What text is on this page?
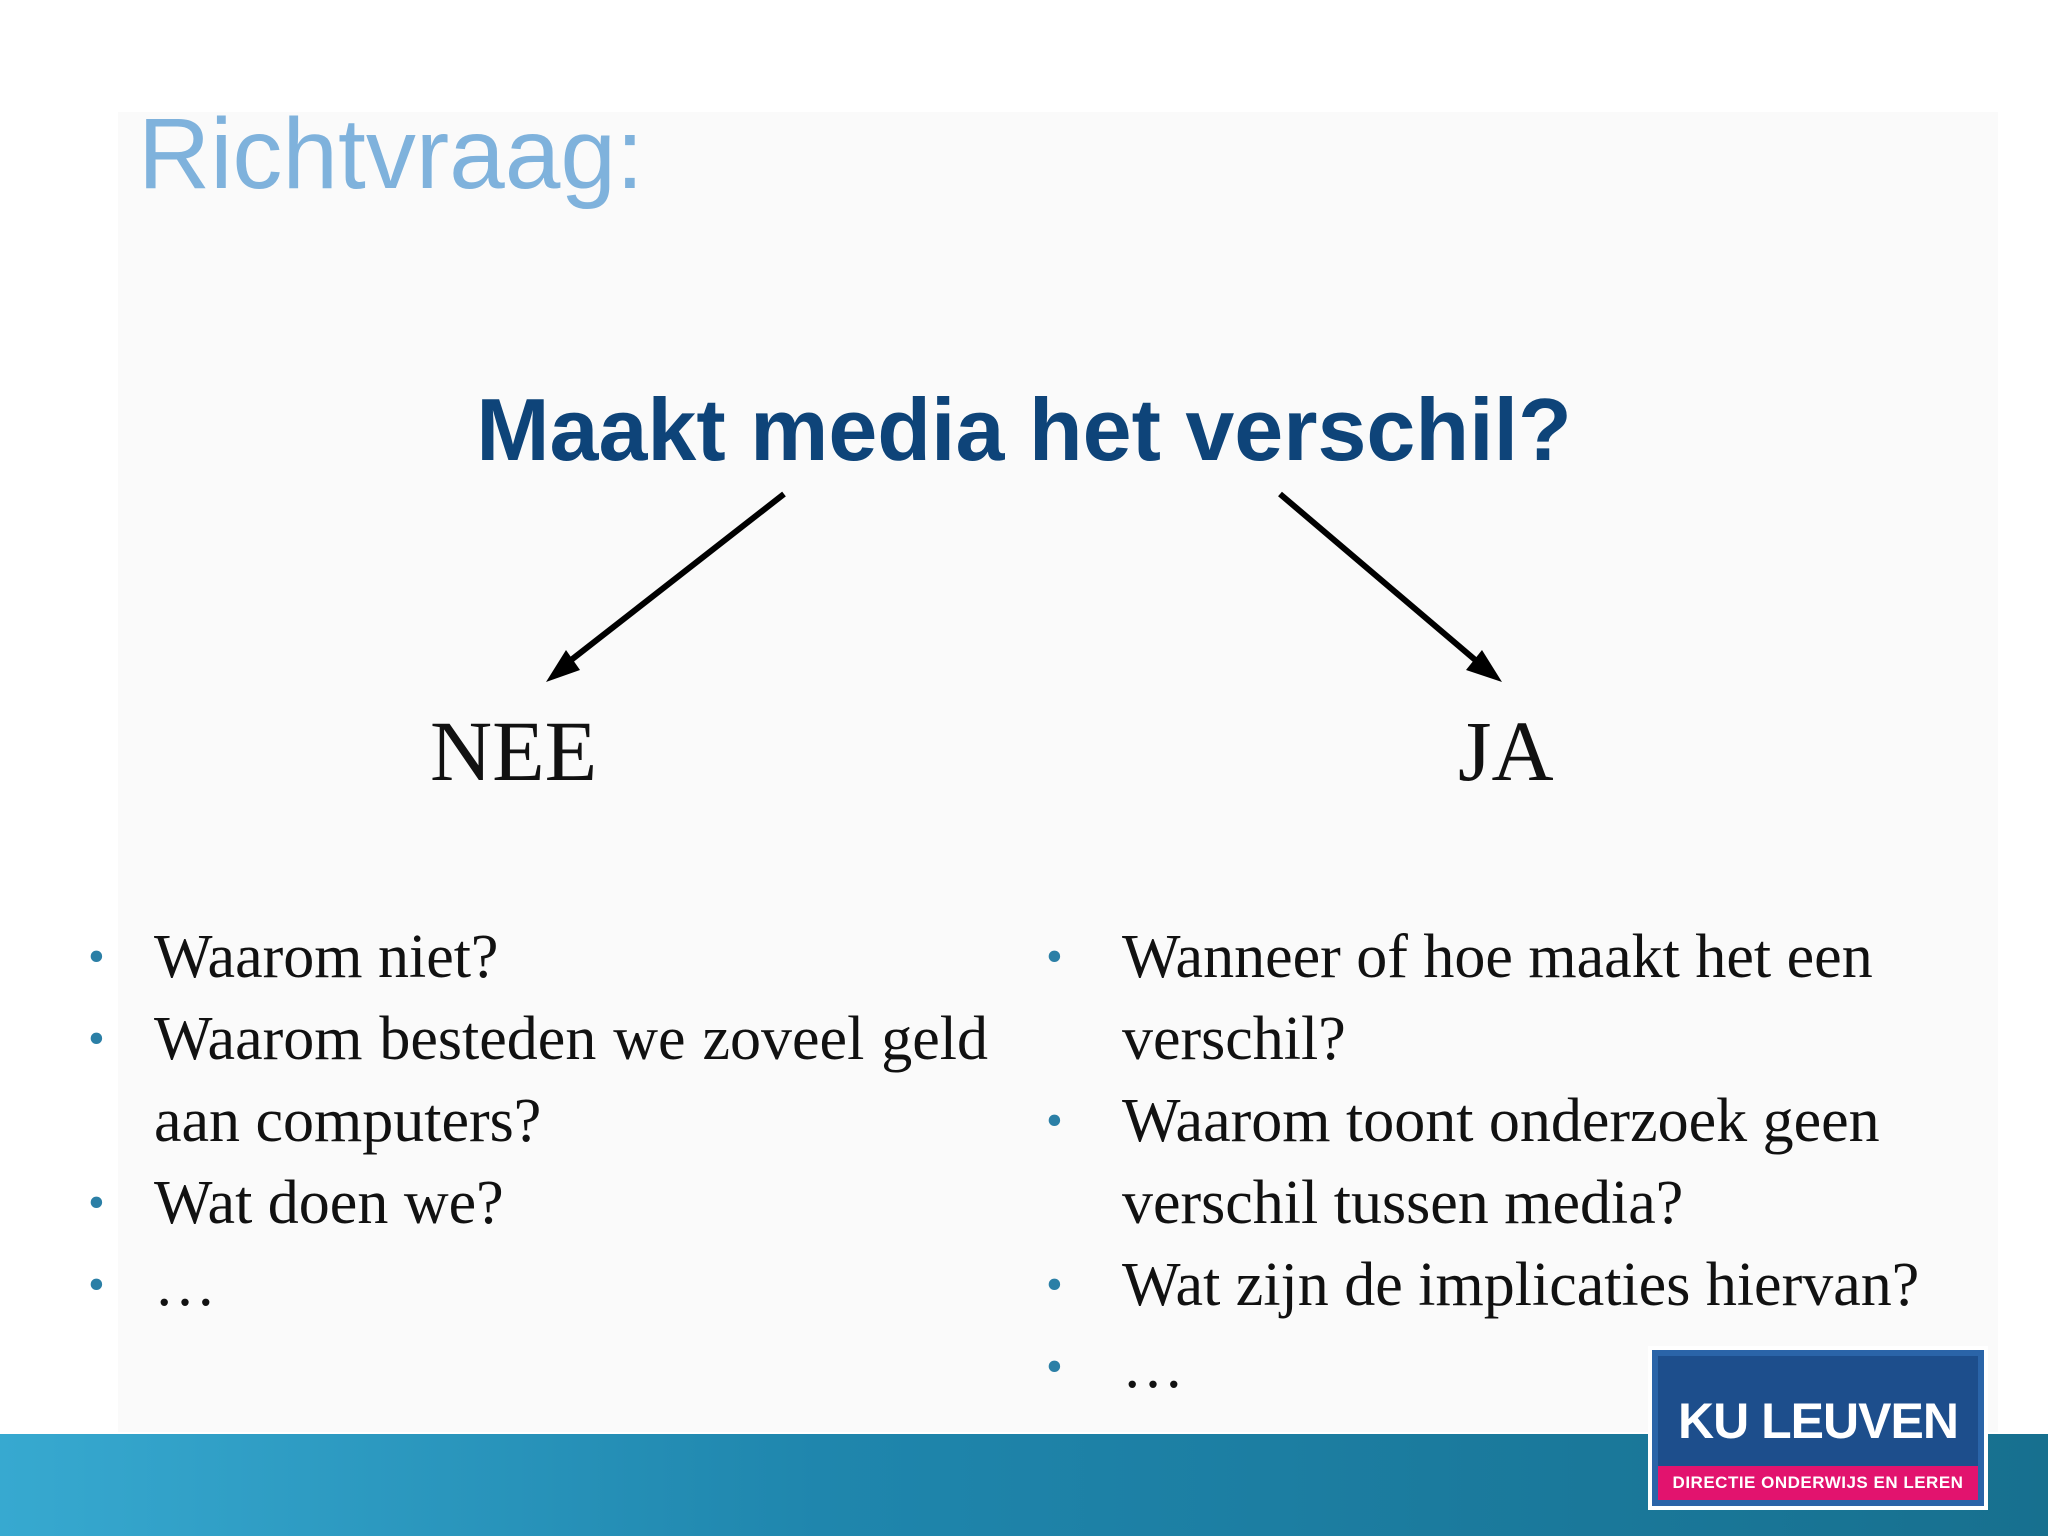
Richtvraag:
Maakt media het verschil?
NEE	JA
• Waarom niet?
• Waarom besteden we zoveel geld aan computers?
• Wat doen we?
• …
• Wanneer of hoe maakt het een verschil?
• Waarom toont onderzoek geen verschil tussen media?
• Wat zijn de implicaties hiervan?
• …
KU LEUVEN
DIRECTIE ONDERWIJS EN LEREN
